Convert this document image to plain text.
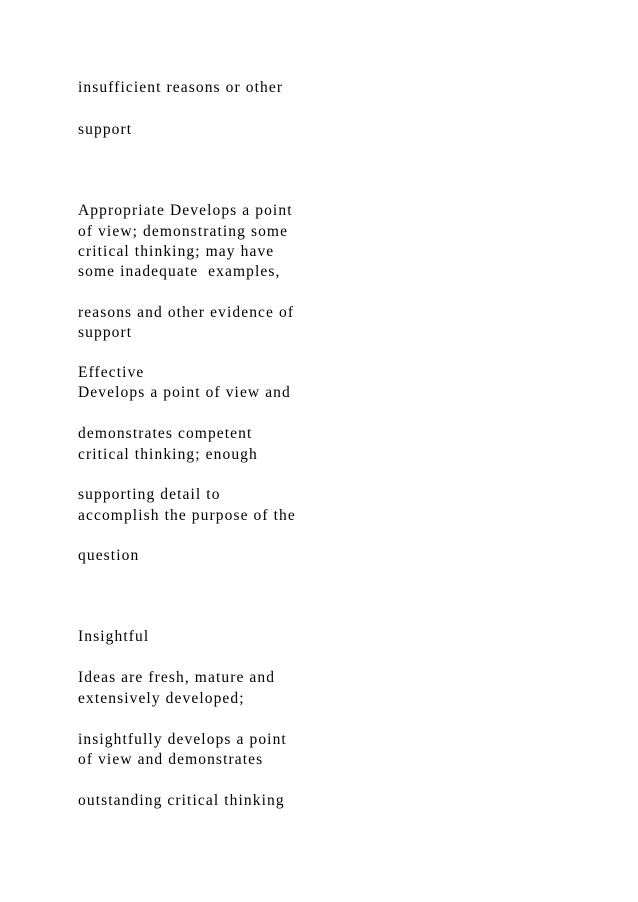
insufficient reasons or other

support

Appropriate Develops a point

of view; demonstrating some

critical thinking; may have

some inadequate  examples,

reasons and other evidence of

support

Effective

Develops a point of view and

demonstrates competent

critical thinking; enough

supporting detail to

accomplish the purpose of the

question

Insightful

Ideas are fresh, mature and

extensively developed;

insightfully develops a point

of view and demonstrates

outstanding critical thinking
